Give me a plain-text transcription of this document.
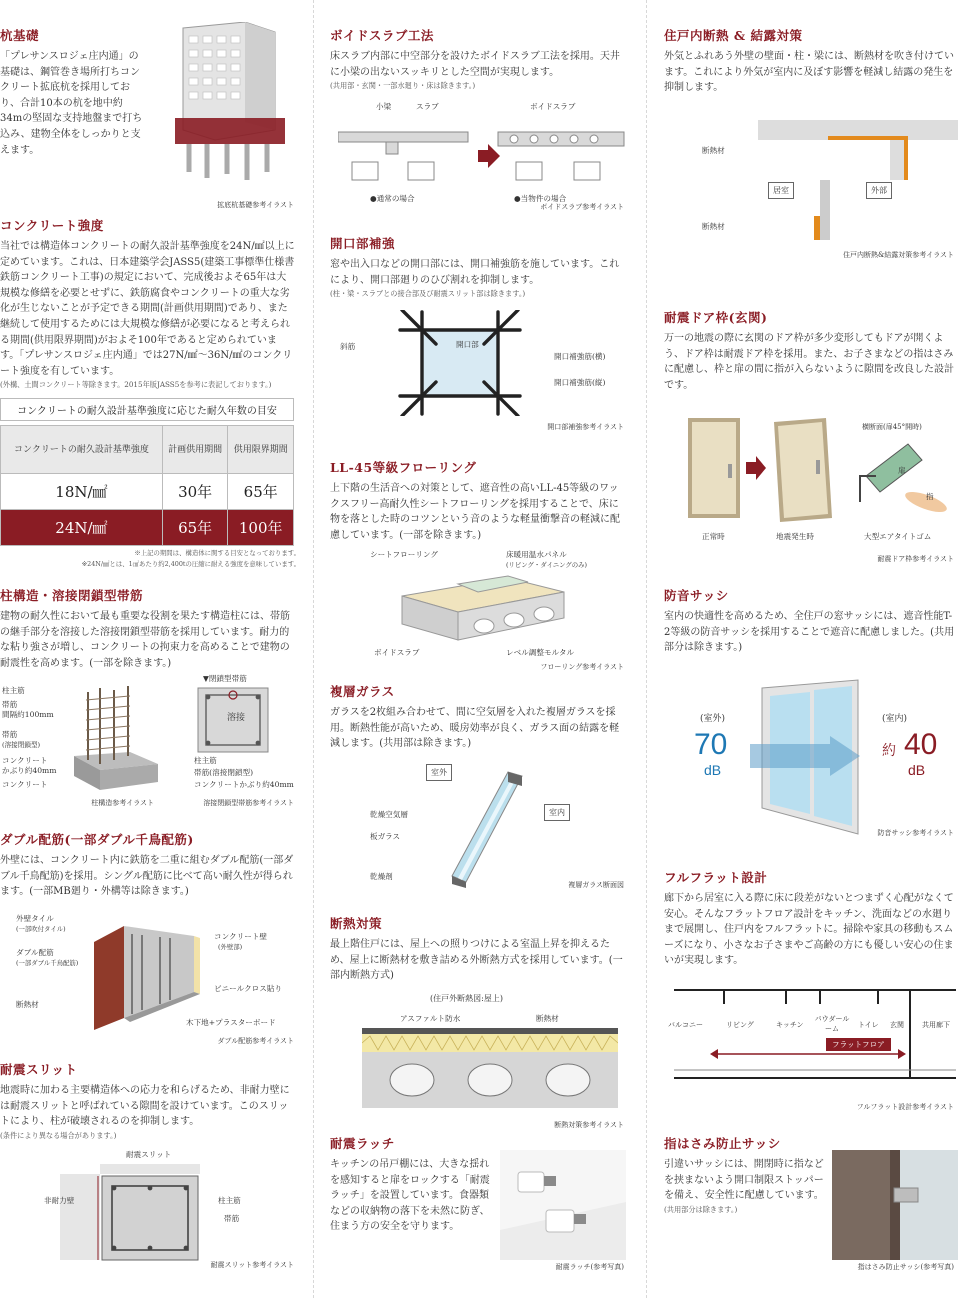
杭基礎
「プレサンスロジェ庄内通」の基礎は、鋼管巻き場所打ちコンクリート拡底杭を採用しており、合計10本の杭を地中約34mの堅固な支持地盤まで打ち込み、建物全体をしっかりと支えます。
拡底杭基礎参考イラスト
コンクリート強度
当社では構造体コンクリートの耐久設計基準強度を24N/㎟以上に定めています。これは、日本建築学会JASS5(建築工事標準仕様書 鉄筋コンクリート工事)の規定において、完成後およそ65年は大規模な修繕を必要とせずに、鉄筋腐食やコンクリートの重大な劣化が生じないことが予定できる期間(計画供用期間)であり、また継続して使用するためには大規模な修繕が必要になると考えられる期間(供用限界期間)がおよそ100年であると定められています。「プレサンスロジェ庄内通」では27N/㎟〜36N/㎟のコンクリート強度を有しています。
(外構、土間コンクリート等除きます。2015年版JASS5を参考に表記しております。)
コンクリートの耐久設計基準強度に応じた耐久年数の目安
コンクリートの耐久設計基準強度	計画供用期間	供用限界期間
18N/㎟	30年	65年
24N/㎟	65年	100年
※上記の期間は、構造体に関する目安となっております。
※24N/㎟とは、1㎠あたり約2,400tの圧縮に耐える強度を意味しています。
柱構造・溶接閉鎖型帯筋
建物の耐久性において最も重要な役割を果たす構造柱には、帯筋の継手部分を溶接した溶接閉鎖型帯筋を採用しています。耐力的な粘り強さが増し、コンクリートの拘束力を高めることで建物の耐震性を高めます。(一部を除きます。)
柱主筋
帯筋
間隔約100mm
帯筋
(溶接閉鎖型)
コンクリート
かぶり約40mm
コンクリート
▼閉鎖型帯筋
溶接
柱主筋
帯筋(溶接閉鎖型)
コンクリートかぶり約40mm
柱構造参考イラスト	溶接閉鎖型帯筋参考イラスト
ダブル配筋(一部ダブル千鳥配筋)
外壁には、コンクリート内に鉄筋を二重に組むダブル配筋(一部ダブル千鳥配筋)を採用。シングル配筋に比べて高い耐久性が得られます。(一部MB廻り・外構等は除きます。)
外壁タイル
(一部吹付タイル)
ダブル配筋
(一部ダブル千鳥配筋)
断熱材
コンクリート壁
(外壁部)
ビニールクロス貼り
木下地+プラスターボード
ダブル配筋参考イラスト
耐震スリット
地震時に加わる主要構造体への応力を和らげるため、非耐力壁には耐震スリットと呼ばれている隙間を設けています。このスリットにより、柱が破壊されるのを抑制します。
(条件により異なる場合があります。)
耐震スリット
非耐力壁	柱主筋
帯筋
耐震スリット参考イラスト
ボイドスラブ工法
床スラブ内部に中空部分を設けたボイドスラブ工法を採用。天井に小梁の出ないスッキリとした空間が実現します。
(共用部・玄関・一部水廻り・床は除きます。)
小梁	スラブ	ボイドスラブ
●通常の場合	●当物件の場合
ボイドスラブ参考イラスト
開口部補強
窓や出入口などの開口部には、開口補強筋を施しています。これにより、開口部廻りのひび割れを抑制します。
(柱・梁・スラブとの接合部及び耐震スリット部は除きます。)
斜筋	開口部
開口補強筋(横)
開口補強筋(縦)
開口部補強参考イラスト
LL-45等級フローリング
上下階の生活音への対策として、遮音性の高いLL-45等級のワックスフリー高耐久性シートフローリングを採用することで、床に物を落とした時のコツンという音のような軽量衝撃音の軽減に配慮しています。(一部を除きます。)
シートフローリング	床暖用温水パネル
(リビング・ダイニングのみ)
ボイドスラブ	レベル調整モルタル
フローリング参考イラスト
複層ガラス
ガラスを2枚組み合わせて、間に空気層を入れた複層ガラスを採用。断熱性能が高いため、暖房効率が良く、ガラス面の結露を軽減します。(共用部は除きます。)
室外
乾燥空気層
板ガラス
室内
乾燥剤
複層ガラス断面図
断熱対策
最上階住戸には、屋上への照りつけによる室温上昇を抑えるため、屋上に断熱材を敷き詰める外断熱方式を採用しています。(一部内断熱方式)
(住戸外断熱図:屋上)
アスファルト防水	断熱材
断熱対策参考イラスト
耐震ラッチ
キッチンの吊戸棚には、大きな揺れを感知すると扉をロックする「耐震ラッチ」を設置しています。食器類などの収納物の落下を未然に防ぎ、住まう方の安全を守ります。
耐震ラッチ(参考写真)
住戸内断熱 & 結露対策
外気とふれあう外壁の壁面・柱・梁には、断熱材を吹き付けています。これにより外気が室内に及ぼす影響を軽減し結露の発生を抑制します。
断熱材
居室	外部
断熱材
住戸内断熱&結露対策参考イラスト
耐震ドア枠(玄関)
万一の地震の際に玄関のドア枠が多少変形してもドアが開くよう、ドア枠は耐震ドア枠を採用。また、お子さまなどの指はさみに配慮し、枠と扉の間に指が入らないように隙間を改良した設計です。
正常時	地震発生時
横断面(扉45°開時)
扉
指
大型エアタイトゴム
耐震ドア枠参考イラスト
防音サッシ
室内の快適性を高めるため、全住戸の窓サッシには、遮音性能T-2等級の防音サッシを採用することで遮音に配慮しました。(共用部分は除きます。)
(室外)
70
dB
(室内)
約 40
dB
防音サッシ参考イラスト
フルフラット設計
廊下から居室に入る際に床に段差がないとつまずく心配がなくて安心。そんなフラットフロア設計をキッチン、洗面などの水廻りまで展開し、住戸内をフルフラットに。掃除や家具の移動もスムーズになり、小さなお子さまやご高齢の方にも優しい安心の住まいが実現します。
バルコニー	リビング	キッチン
パウダールーム	トイレ 玄関	共用廊下
フラットフロア
フルフラット設計参考イラスト
指はさみ防止サッシ
引違いサッシには、開閉時に指などを挟まないよう開口制限ストッパーを備え、安全性に配慮しています。
(共用部分は除きます。)
指はさみ防止サッシ(参考写真)
